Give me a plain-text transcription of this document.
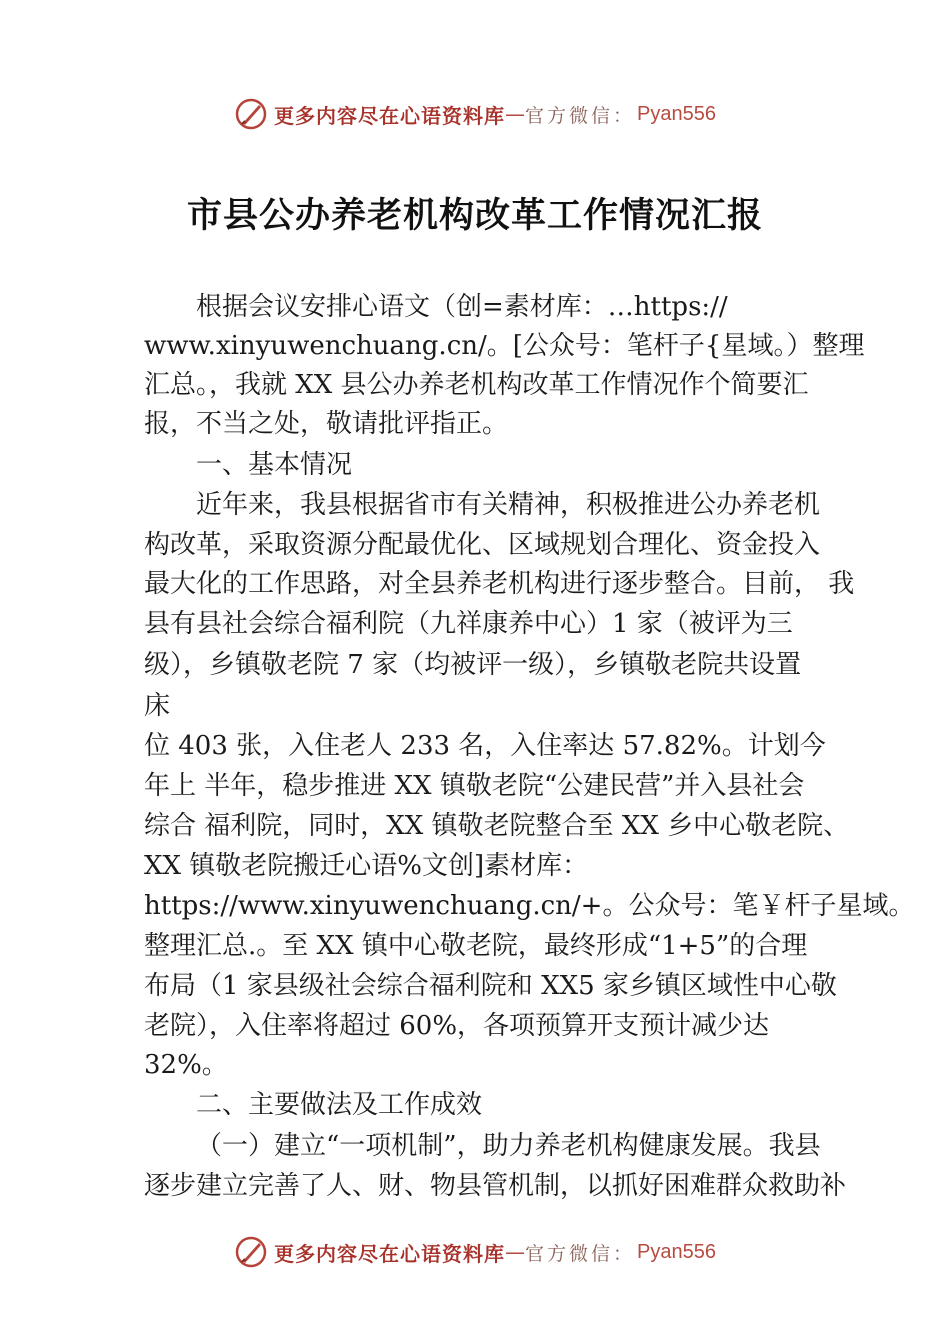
更多内容尽在心语资料库 — 官方微信： Pyan556
市县公办养老机构改革工作情况汇报
根据会议安排心语文（创=素材库：…https://
www.xinyuwenchuang.cn/。[公众号：笔杆子{星域。）整理
汇总。，我就 XX 县公办养老机构改革工作情况作个简要汇
报，不当之处，敬请批评指正。
一、基本情况
近年来，我县根据省市有关精神，积极推进公办养老机
构改革，采取资源分配最优化、区域规划合理化、资金投入
最大化的工作思路，对全县养老机构进行逐步整合。目前， 我
县有县社会综合福利院（九祥康养中心）1 家（被评为三
级），乡镇敬老院 7 家（均被评一级），乡镇敬老院共设置
床
位 403 张，入住老人 233 名，入住率达 57.82%。计划今
年上 半年，稳步推进 XX 镇敬老院“公建民营”并入县社会
综合 福利院，同时，XX 镇敬老院整合至 XX 乡中心敬老院、
XX 镇敬老院搬迁心语%文创]素材库：
https://www.xinyuwenchuang.cn/+。公众号：笔￥杆子星域。
整理汇总.。至 XX 镇中心敬老院，最终形成“1+5”的合理
布局（1 家县级社会综合福利院和 XX5 家乡镇区域性中心敬
老院），入住率将超过 60%，各项预算开支预计减少达
32%。
二、主要做法及工作成效
（一）建立“一项机制”，助力养老机构健康发展。我县
逐步建立完善了人、财、物县管机制，以抓好困难群众救助补
更多内容尽在心语资料库 — 官方微信： Pyan556
